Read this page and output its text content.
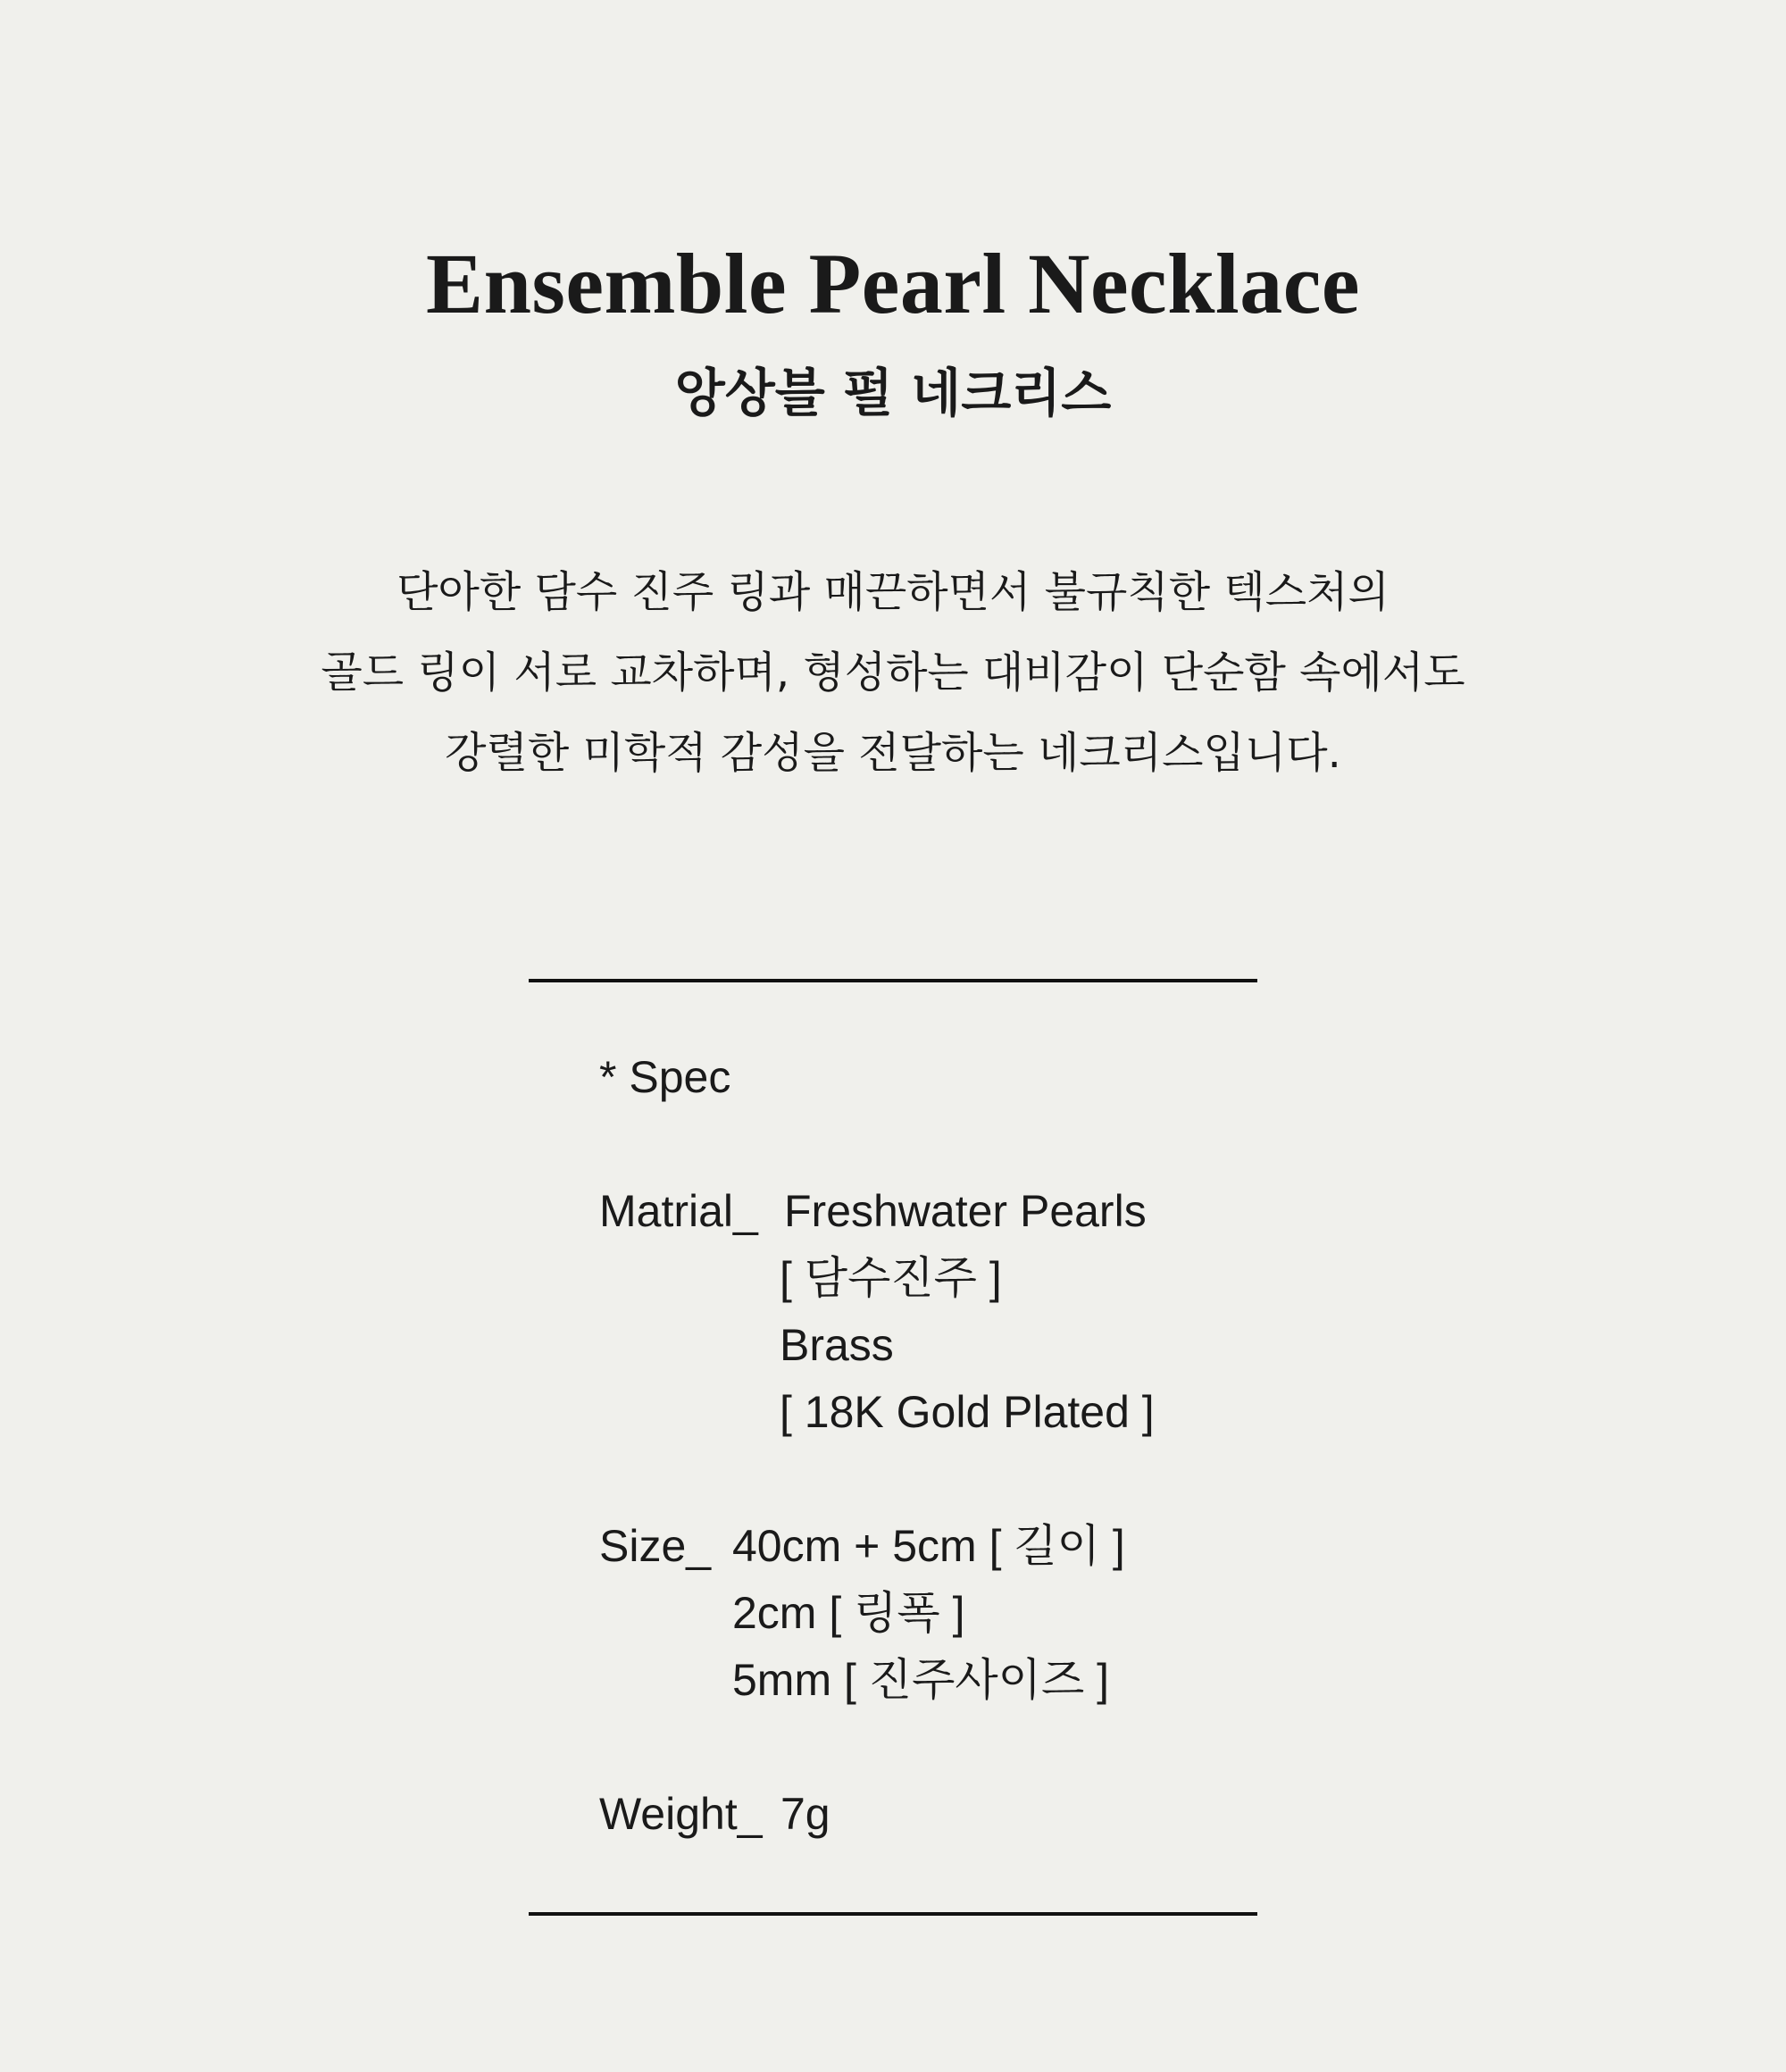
Ensemble Pearl Necklace
앙상블 펄 네크리스
단아한 담수 진주 링과 매끈하면서 불규칙한 텍스처의
골드 링이 서로 교차하며, 형성하는 대비감이 단순함 속에서도
강렬한 미학적 감성을 전달하는 네크리스입니다.
* Spec
Matrial_ Freshwater Pearls
[ 담수진주 ]
Brass
[ 18K Gold Plated ]
Size_ 40cm + 5cm [ 길이 ]
2cm [ 링폭 ]
5mm [ 진주사이즈 ]
Weight_ 7g
